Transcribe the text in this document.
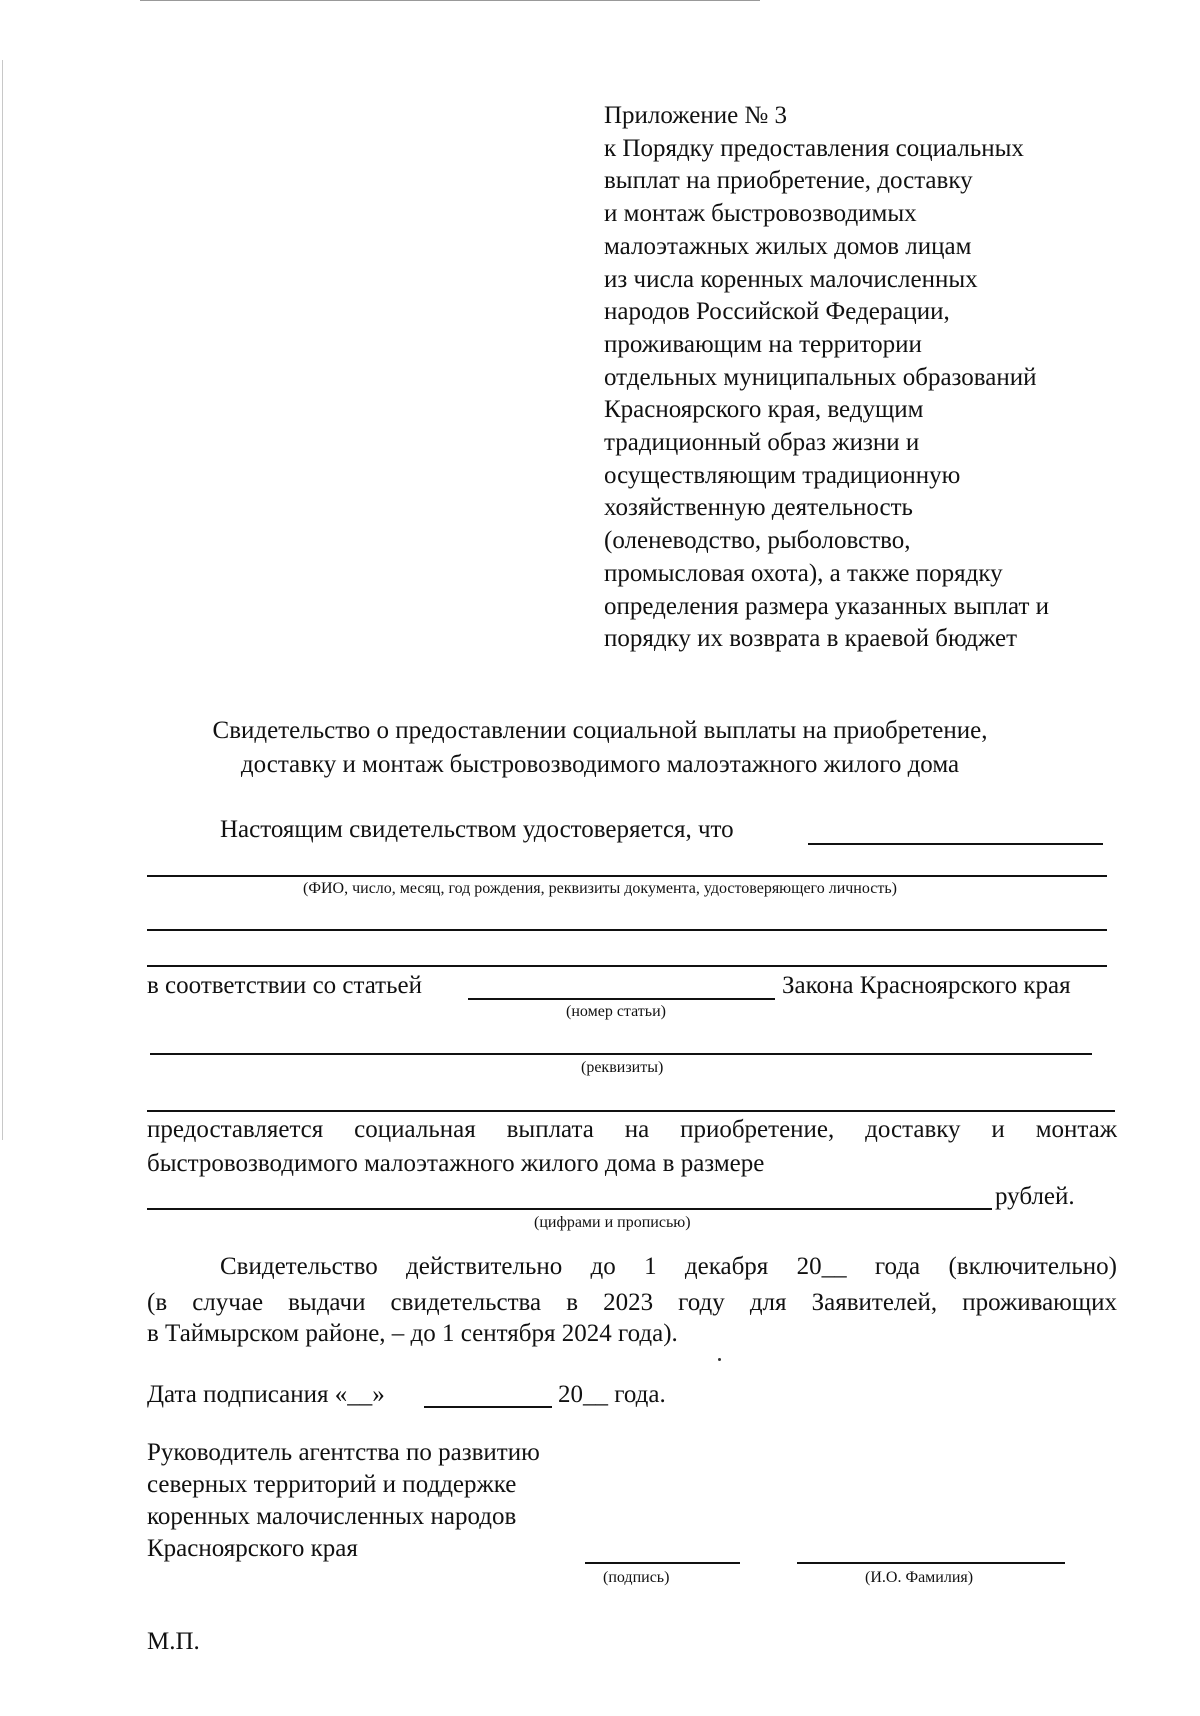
Приложение № 3
к Порядку предоставления социальных
выплат на приобретение, доставку
и монтаж быстровозводимых
малоэтажных жилых домов лицам
из числа коренных малочисленных
народов Российской Федерации,
проживающим на территории
отдельных муниципальных образований
Красноярского края, ведущим
традиционный образ жизни и
осуществляющим традиционную
хозяйственную деятельность
(оленеводство, рыболовство,
промысловая охота), а также порядку
определения размера указанных выплат и
порядку их возврата в краевой бюджет
Свидетельство о предоставлении социальной выплаты на приобретение,
доставку и монтаж быстровозводимого малоэтажного жилого дома
Настоящим свидетельством удостоверяется, что
(ФИО, число, месяц, год рождения, реквизиты документа, удостоверяющего личность)
в соответствии со статьей	Закона Красноярского края
(номер статьи)
(реквизиты)
предоставляется социальная выплата на приобретение, доставку и монтаж
быстровозводимого малоэтажного жилого дома в размере
рублей.
(цифрами и прописью)
Свидетельство действительно до 1 декабря 20__ года (включительно)
(в случае выдачи свидетельства в 2023 году для Заявителей, проживающих
в Таймырском районе, – до 1 сентября 2024 года).
Дата подписания «__»	20__ года.
Руководитель агентства по развитию
северных территорий и поддержке
коренных малочисленных народов
Красноярского края
(подпись)	(И.О. Фамилия)
М.П.
